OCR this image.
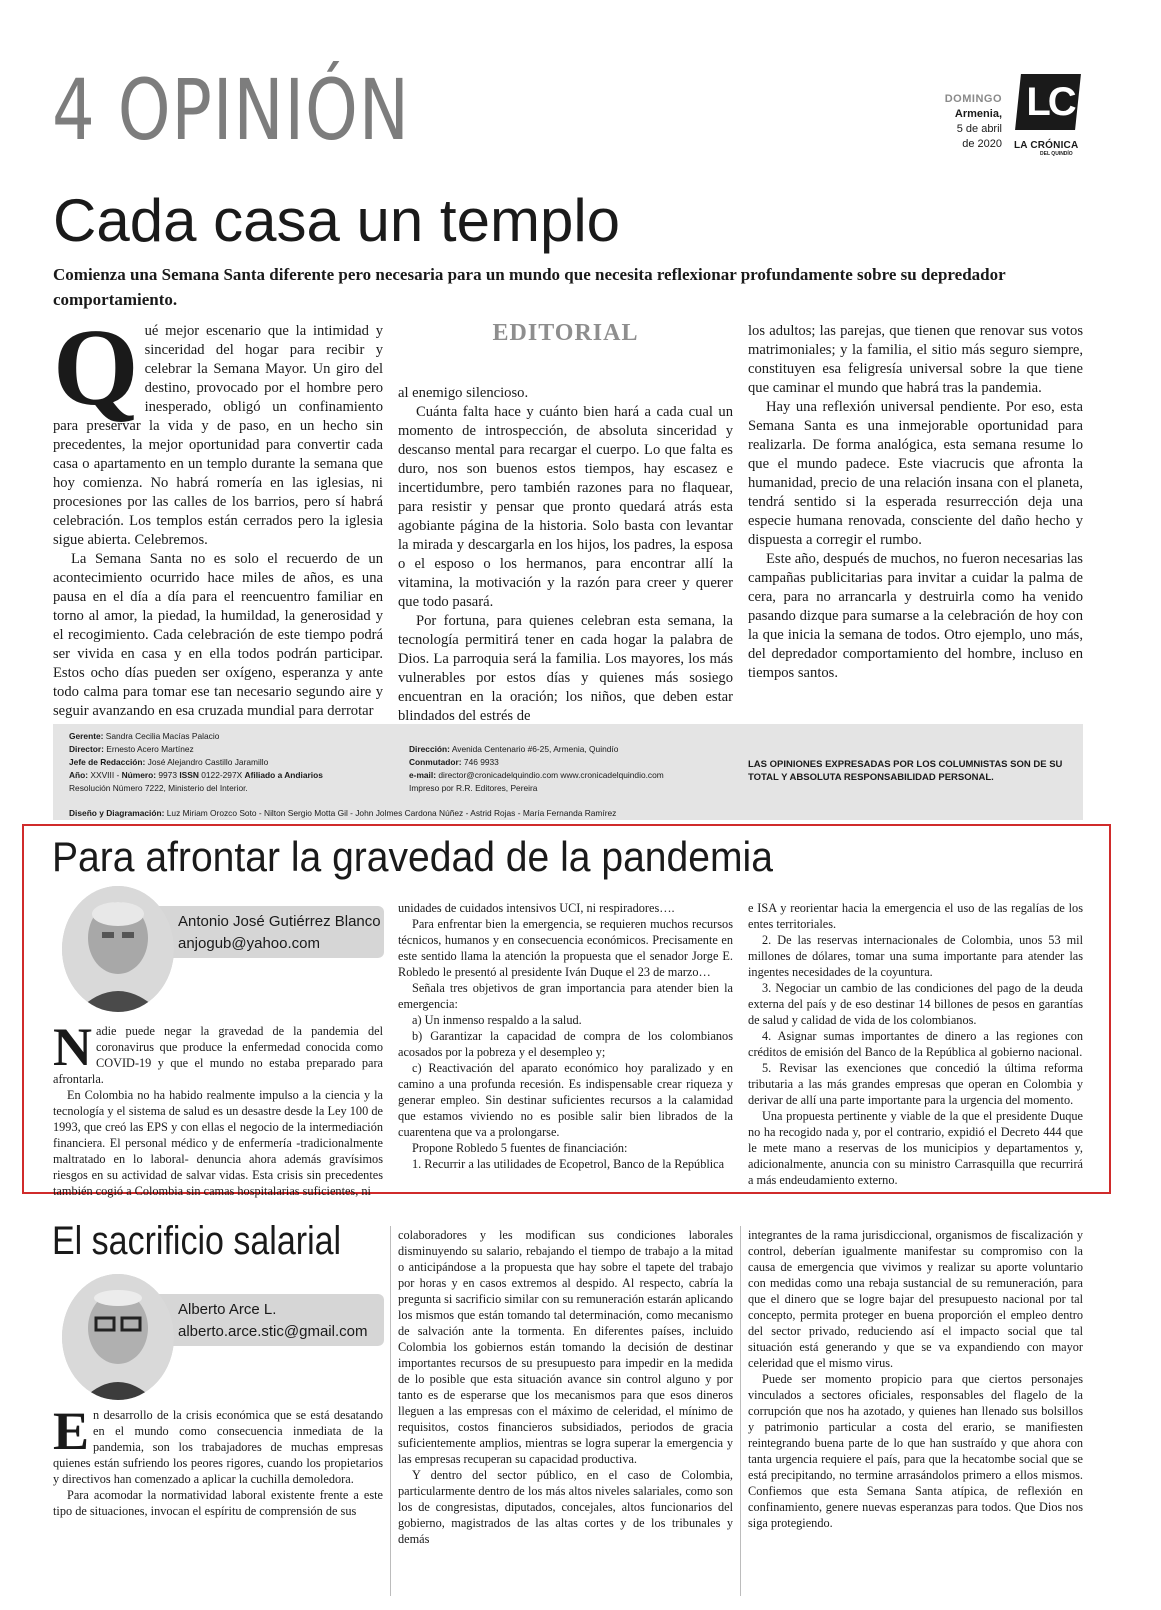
4 OPINIÓN	DOMINGO
Armenia,
5 de abril
de 2020
LC
LA CRÓNICA
DEL QUINDÍO
Cada casa un templo
Comienza una Semana Santa diferente pero necesaria para un mundo que necesita reflexionar profundamente sobre su depredador comportamiento.
Q ué mejor escenario que la intimidad y sinceridad del hogar para recibir y celebrar la Semana Mayor. Un giro del destino, provocado por el hombre pero inesperado, obligó un confinamiento para preservar la vida y de paso, en un hecho sin precedentes, la mejor oportunidad para convertir cada casa o apartamento en un templo durante la semana que hoy comienza. No habrá romería en las iglesias, ni procesiones por las calles de los barrios, pero sí habrá celebración. Los templos están cerrados pero la iglesia sigue abierta. Celebremos.

La Semana Santa no es solo el recuerdo de un acontecimiento ocurrido hace miles de años, es una pausa en el día a día para el reencuentro familiar en torno al amor, la piedad, la humildad, la generosidad y el recogimiento. Cada celebración de este tiempo podrá ser vivida en casa y en ella todos podrán participar. Estos ocho días pueden ser oxígeno, esperanza y ante todo calma para tomar ese tan necesario segundo aire y seguir avanzando en esa cruzada mundial para derrotar

EDITORIAL

al enemigo silencioso.

Cuánta falta hace y cuánto bien hará a cada cual un momento de introspección, de absoluta sinceridad y descanso mental para recargar el cuerpo. Lo que falta es duro, nos son buenos estos tiempos, hay escasez e incertidumbre, pero también razones para no flaquear, para resistir y pensar que pronto quedará atrás esta agobiante página de la historia. Solo basta con levantar la mirada y descargarla en los hijos, los padres, la esposa o el esposo o los hermanos, para encontrar allí la vitamina, la motivación y la razón para creer y querer que todo pasará.

Por fortuna, para quienes celebran esta semana, la tecnología permitirá tener en cada hogar la palabra de Dios. La parroquia será la familia. Los mayores, los más vulnerables por estos días y quienes más sosiego encuentran en la oración; los niños, que deben estar blindados del estrés de

los adultos; las parejas, que tienen que renovar sus votos matrimoniales; y la familia, el sitio más seguro siempre, constituyen esa feligresía universal sobre la que tiene que caminar el mundo que habrá tras la pandemia.

Hay una reflexión universal pendiente. Por eso, esta Semana Santa es una inmejorable oportunidad para realizarla. De forma analógica, esta semana resume lo que el mundo padece. Este viacrucis que afronta la humanidad, precio de una relación insana con el planeta, tendrá sentido si la esperada resurrección deja una especie humana renovada, consciente del daño hecho y dispuesta a corregir el rumbo.

Este año, después de muchos, no fueron necesarias las campañas publicitarias para invitar a cuidar la palma de cera, para no arrancarla y destruirla como ha venido pasando dizque para sumarse a la celebración de hoy con la que inicia la semana de todos. Otro ejemplo, uno más, del depredador comportamiento del hombre, incluso en tiempos santos.

Gerente: Sandra Cecilia Macías Palacio
Director: Ernesto Acero Martínez
Jefe de Redacción: José Alejandro Castillo Jaramillo
Año: XXVIII - Número: 9973 ISSN 0122-297X Afiliado a Andiarios
Resolución Número 7222, Ministerio del Interior.
Dirección: Avenida Centenario #6-25, Armenia, Quindío
Conmutador: 746 9933
e-mail: director@cronicadelquindio.com www.cronicadelquindio.com
Impreso por R.R. Editores, Pereira
LAS OPINIONES EXPRESADAS POR LOS COLUMNISTAS SON DE SU TOTAL Y ABSOLUTA RESPONSABILIDAD PERSONAL.
Diseño y Diagramación: Luz Miriam Orozco Soto - Nilton Sergio Motta Gil - John Jolmes Cardona Núñez - Astrid Rojas - María Fernanda Ramírez
Para afrontar la gravedad de la pandemia
Antonio José Gutiérrez Blanco
anjogub@yahoo.com
N adie puede negar la gravedad de la pandemia del coronavirus que produce la enfermedad conocida como COVID-19 y que el mundo no estaba preparado para afrontarla.

En Colombia no ha habido realmente impulso a la ciencia y la tecnología y el sistema de salud es un desastre desde la Ley 100 de 1993, que creó las EPS y con ellas el negocio de la intermediación financiera. El personal médico y de enfermería -tradicionalmente maltratado en lo laboral- denuncia ahora además gravísimos riesgos en su actividad de salvar vidas. Esta crisis sin precedentes también cogió a Colombia sin camas hospitalarias suficientes, ni

unidades de cuidados intensivos UCI, ni respiradores….

Para enfrentar bien la emergencia, se requieren muchos recursos técnicos, humanos y en consecuencia económicos. Precisamente en este sentido llama la atención la propuesta que el senador Jorge E. Robledo le presentó al presidente Iván Duque el 23 de marzo…

Señala tres objetivos de gran importancia para atender bien la emergencia:

a) Un inmenso respaldo a la salud.

b) Garantizar la capacidad de compra de los colombianos acosados por la pobreza y el desempleo y;

c) Reactivación del aparato económico hoy paralizado y en camino a una profunda recesión. Es indispensable crear riqueza y generar empleo. Sin destinar suficientes recursos a la calamidad que estamos viviendo no es posible salir bien librados de la cuarentena que va a prolongarse.

Propone Robledo 5 fuentes de financiación:

1. Recurrir a las utilidades de Ecopetrol, Banco de la República

e ISA y reorientar hacia la emergencia el uso de las regalías de los entes territoriales.

2. De las reservas internacionales de Colombia, unos 53 mil millones de dólares, tomar una suma importante para atender las ingentes necesidades de la coyuntura.

3. Negociar un cambio de las condiciones del pago de la deuda externa del país y de eso destinar 14 billones de pesos en garantías de salud y calidad de vida de los colombianos.

4. Asignar sumas importantes de dinero a las regiones con créditos de emisión del Banco de la República al gobierno nacional.

5. Revisar las exenciones que concedió la última reforma tributaria a las más grandes empresas que operan en Colombia y derivar de allí una parte importante para la urgencia del momento.

Una propuesta pertinente y viable de la que el presidente Duque no ha recogido nada y, por el contrario, expidió el Decreto 444 que le mete mano a reservas de los municipios y departamentos y, adicionalmente, anuncia con su ministro Carrasquilla que recurrirá a más endeudamiento externo.

El sacrificio salarial
Alberto Arce L.
alberto.arce.stic@gmail.com
E n desarrollo de la crisis económica que se está desatando en el mundo como consecuencia inmediata de la pandemia, son los trabajadores de muchas empresas quienes están sufriendo los peores rigores, cuando los propietarios y directivos han comenzado a aplicar la cuchilla demoledora.

Para acomodar la normatividad laboral existente frente a este tipo de situaciones, invocan el espíritu de comprensión de sus

colaboradores y les modifican sus condiciones laborales disminuyendo su salario, rebajando el tiempo de trabajo a la mitad o anticipándose a la propuesta que hay sobre el tapete del trabajo por horas y en casos extremos al despido. Al respecto, cabría la pregunta si sacrificio similar con su remuneración estarán aplicando los mismos que están tomando tal determinación, como mecanismo de salvación ante la tormenta. En diferentes países, incluido Colombia los gobiernos están tomando la decisión de destinar importantes recursos de su presupuesto para impedir en la medida de lo posible que esta situación avance sin control alguno y por tanto es de esperarse que los mecanismos para que esos dineros lleguen a las empresas con el máximo de celeridad, el mínimo de requisitos, costos financieros subsidiados, periodos de gracia suficientemente amplios, mientras se logra superar la emergencia y las empresas recuperan su capacidad productiva.

Y dentro del sector público, en el caso de Colombia, particularmente dentro de los más altos niveles salariales, como son los de congresistas, diputados, concejales, altos funcionarios del gobierno, magistrados de las altas cortes y de los tribunales y demás

integrantes de la rama jurisdiccional, organismos de fiscalización y control, deberían igualmente manifestar su compromiso con la causa de emergencia que vivimos y realizar su aporte voluntario con medidas como una rebaja sustancial de su remuneración, para que el dinero que se logre bajar del presupuesto nacional por tal concepto, permita proteger en buena proporción el empleo dentro del sector privado, reduciendo así el impacto social que tal situación está generando y que se va expandiendo con mayor celeridad que el mismo virus.

Puede ser momento propicio para que ciertos personajes vinculados a sectores oficiales, responsables del flagelo de la corrupción que nos ha azotado, y quienes han llenado sus bolsillos y patrimonio particular a costa del erario, se manifiesten reintegrando buena parte de lo que han sustraído y que ahora con tanta urgencia requiere el país, para que la hecatombe social que se está precipitando, no termine arrasándolos primero a ellos mismos. Confiemos que esta Semana Santa atípica, de reflexión en confinamiento, genere nuevas esperanzas para todos. Que Dios nos siga protegiendo.
